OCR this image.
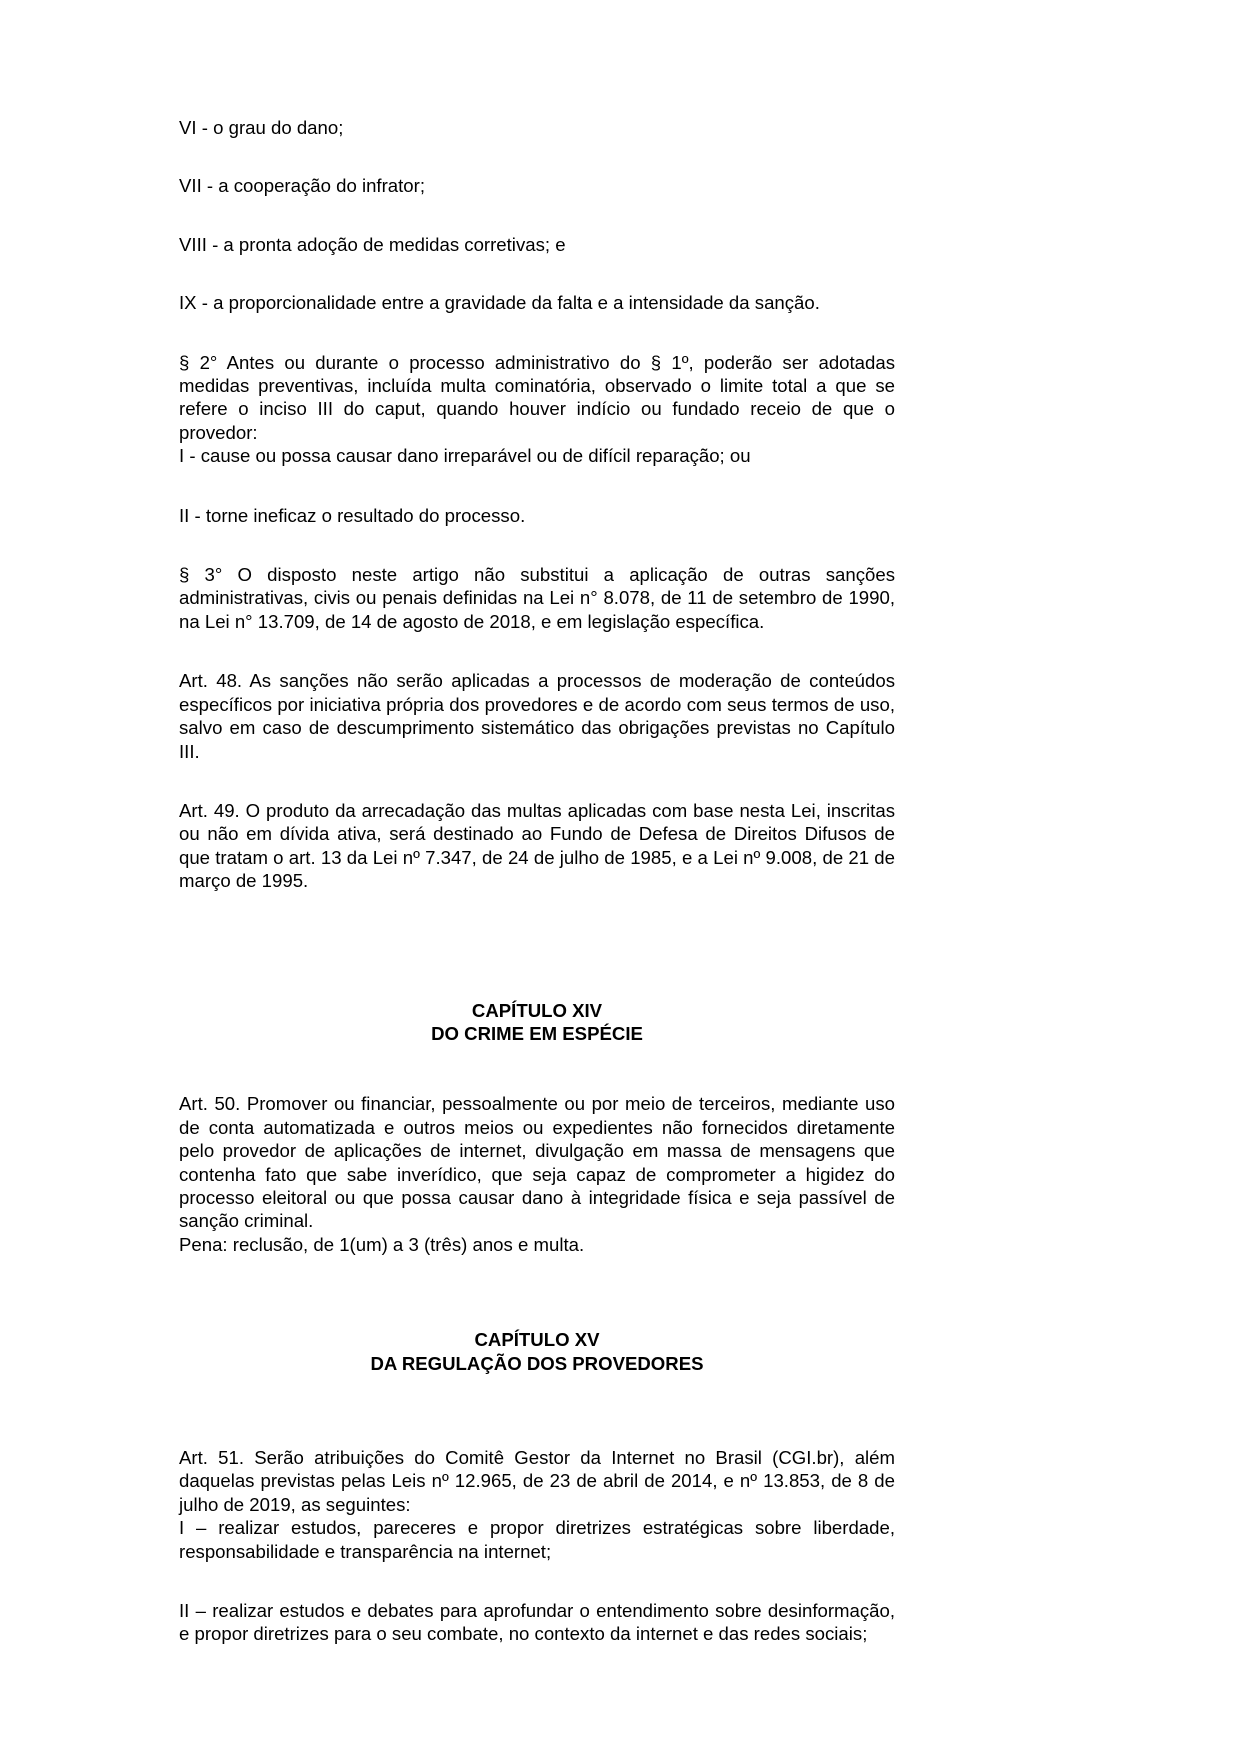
VI - o grau do dano;

VII - a cooperação do infrator;

VIII - a pronta adoção de medidas corretivas; e

IX - a proporcionalidade entre a gravidade da falta e a intensidade da sanção.

§ 2° Antes ou durante o processo administrativo do § 1º, poderão ser adotadas medidas preventivas, incluída multa cominatória, observado o limite total a que se refere o inciso III do caput, quando houver indício ou fundado receio de que o provedor:

I - cause ou possa causar dano irreparável ou de difícil reparação; ou

II - torne ineficaz o resultado do processo.

§ 3° O disposto neste artigo não substitui a aplicação de outras sanções administrativas, civis ou penais definidas na Lei n° 8.078, de 11 de setembro de 1990, na Lei n° 13.709, de 14 de agosto de 2018, e em legislação específica.

Art. 48. As sanções não serão aplicadas a processos de moderação de conteúdos específicos por iniciativa própria dos provedores e de acordo com seus termos de uso, salvo em caso de descumprimento sistemático das obrigações previstas no Capítulo III.

Art. 49. O produto da arrecadação das multas aplicadas com base nesta Lei, inscritas ou não em dívida ativa, será destinado ao Fundo de Defesa de Direitos Difusos de que tratam o art. 13 da Lei nº 7.347, de 24 de julho de 1985, e a Lei nº 9.008, de 21 de março de 1995.

CAPÍTULO XIV
DO CRIME EM ESPÉCIE

Art. 50. Promover ou financiar, pessoalmente ou por meio de terceiros, mediante uso de conta automatizada e outros meios ou expedientes não fornecidos diretamente pelo provedor de aplicações de internet, divulgação em massa de mensagens que contenha fato que sabe inverídico, que seja capaz de comprometer a higidez do processo eleitoral ou que possa causar dano à integridade física e seja passível de sanção criminal.

Pena: reclusão, de 1(um) a 3 (três) anos e multa.

CAPÍTULO XV
DA REGULAÇÃO DOS PROVEDORES

Art. 51. Serão atribuições do Comitê Gestor da Internet no Brasil (CGI.br), além daquelas previstas pelas Leis nº 12.965, de 23 de abril de 2014, e nº 13.853, de 8 de julho de 2019, as seguintes:

I – realizar estudos, pareceres e propor diretrizes estratégicas sobre liberdade, responsabilidade e transparência na internet;

II – realizar estudos e debates para aprofundar o entendimento sobre desinformação, e propor diretrizes para o seu combate, no contexto da internet e das redes sociais;
